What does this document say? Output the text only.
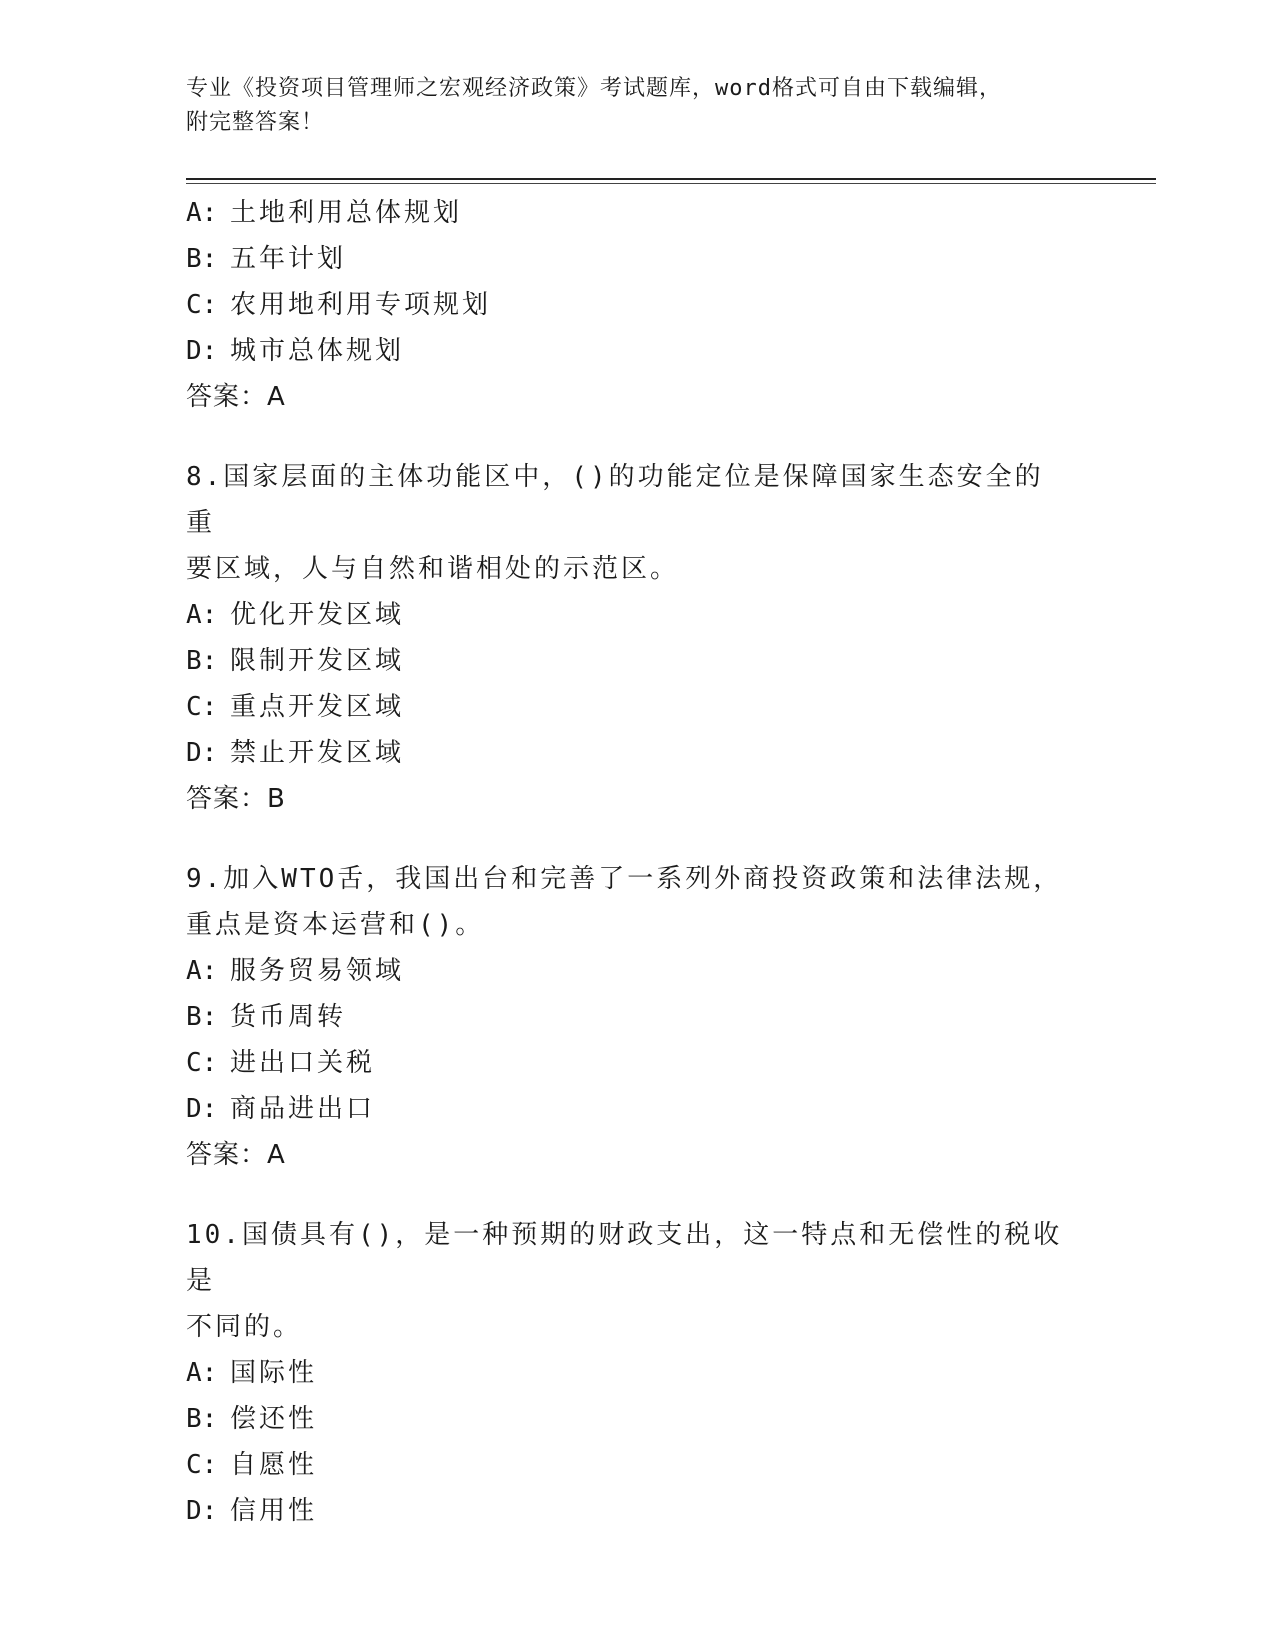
专业《投资项目管理师之宏观经济政策》考试题库，word格式可自由下载编辑，
附完整答案！
A: 土地利用总体规划
B: 五年计划
C: 农用地利用专项规划
D: 城市总体规划
答案：A
8.国家层面的主体功能区中，()的功能定位是保障国家生态安全的重
要区域，人与自然和谐相处的示范区。
A: 优化开发区域
B: 限制开发区域
C: 重点开发区域
D: 禁止开发区域
答案：B
9.加入WTO舌，我国出台和完善了一系列外商投资政策和法律法规，
重点是资本运营和()。
A: 服务贸易领域
B: 货币周转
C: 进出口关税
D: 商品进出口
答案：A
10.国债具有()，是一种预期的财政支出，这一特点和无偿性的税收是
不同的。
A: 国际性
B: 偿还性
C: 自愿性
D: 信用性
